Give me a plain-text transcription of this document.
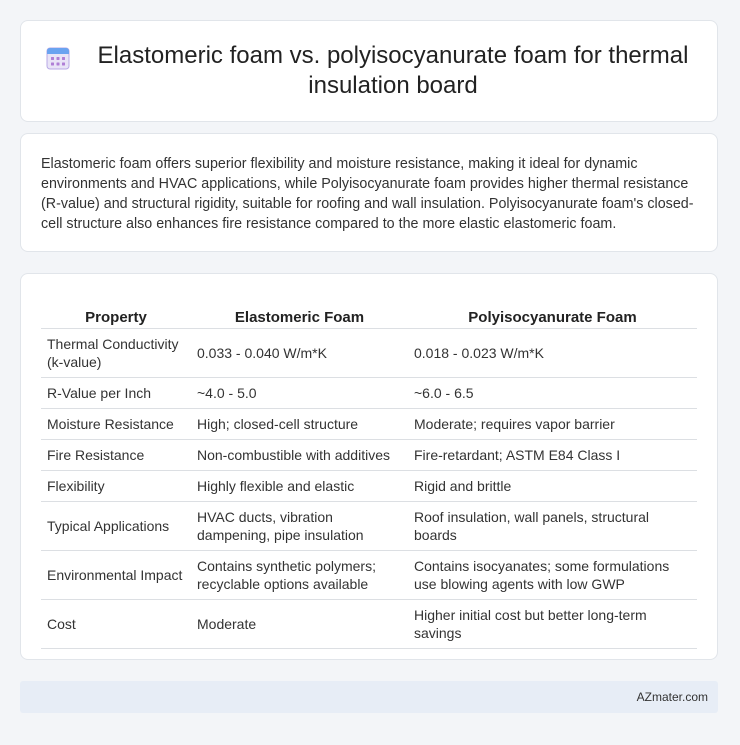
Elastomeric foam vs. polyisocyanurate foam for thermal insulation board

Elastomeric foam offers superior flexibility and moisture resistance, making it ideal for dynamic environments and HVAC applications, while Polyisocyanurate foam provides higher thermal resistance (R-value) and structural rigidity, suitable for roofing and wall insulation. Polyisocyanurate foam's closed-cell structure also enhances fire resistance compared to the more elastic elastomeric foam.

Property	Elastomeric Foam	Polyisocyanurate Foam
Thermal Conductivity (k-value)	0.033 - 0.040 W/m*K	0.018 - 0.023 W/m*K
R-Value per Inch	~4.0 - 5.0	~6.0 - 6.5
Moisture Resistance	High; closed-cell structure	Moderate; requires vapor barrier
Fire Resistance	Non-combustible with additives	Fire-retardant; ASTM E84 Class I
Flexibility	Highly flexible and elastic	Rigid and brittle
Typical Applications	HVAC ducts, vibration dampening, pipe insulation	Roof insulation, wall panels, structural boards
Environmental Impact	Contains synthetic polymers; recyclable options available	Contains isocyanates; some formulations use blowing agents with low GWP
Cost	Moderate	Higher initial cost but better long-term savings
AZmater.com
